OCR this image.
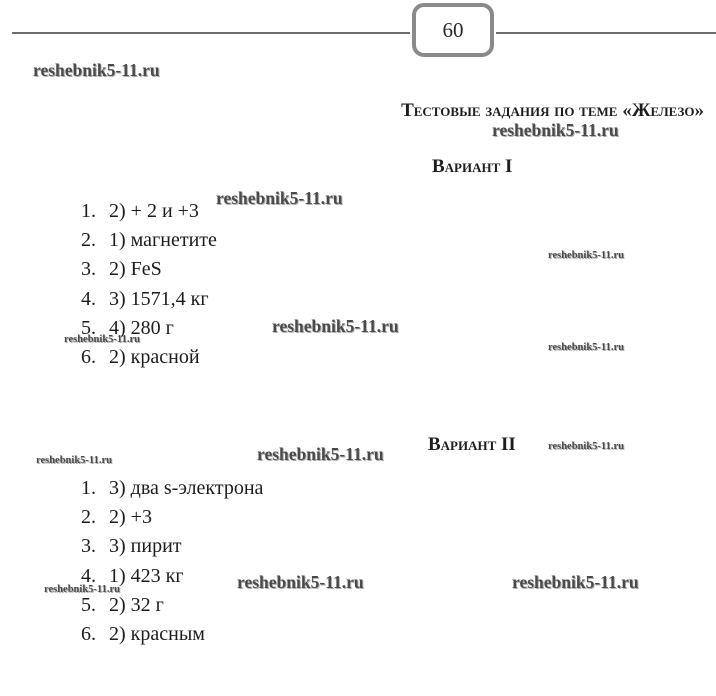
60
Тестовые задания по теме «Железо»
Вариант I
1. 2) + 2 и +3
2. 1) магнетите
3. 2) FeS
4. 3) 1571,4 кг
5. 4) 280 г
6. 2) красной
Вариант II
1. 3) два s-электрона
2. 2) +3
3. 3) пирит
4. 1) 423 кг
5. 2) 32 г
6. 2) красным
reshebnik5-11.ru
reshebnik5-11.ru
reshebnik5-11.ru
reshebnik5-11.ru
reshebnik5-11.ru
reshebnik5-11.ru
reshebnik5-11.ru
reshebnik5-11.ru
reshebnik5-11.ru
reshebnik5-11.ru
reshebnik5-11.ru	reshebnik5-11.ru
reshebnik5-11.ru
